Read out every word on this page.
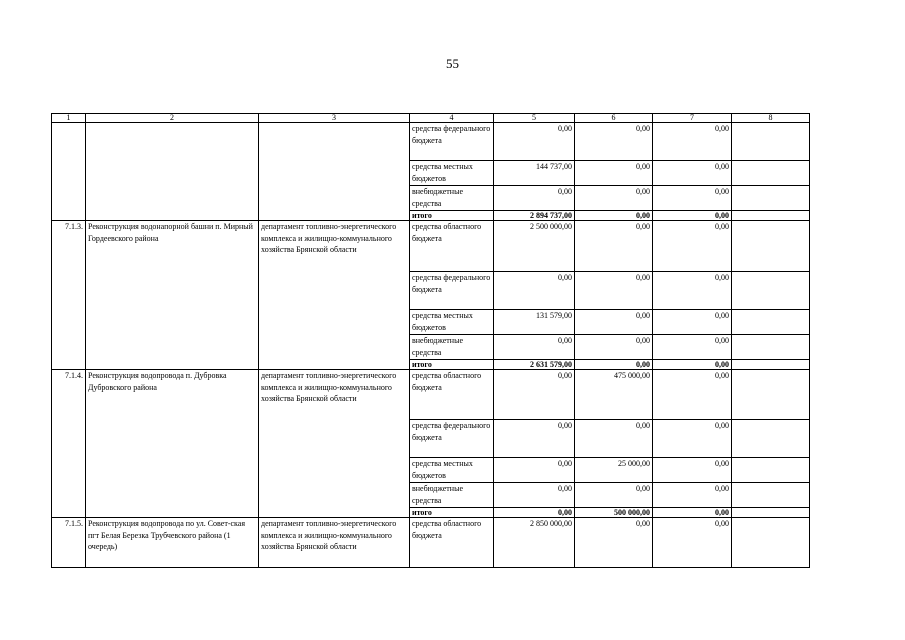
55
1	2	3	4	5	6	7	8
			средства федерального бюджета	0,00	0,00	0,00	
			средства местных бюджетов	144 737,00	0,00	0,00	
			внебюджетные средства	0,00	0,00	0,00	
			итого	2 894 737,00	0,00	0,00	
7.1.3.	Реконструкция водонапорной башни п. Мирный Гордеевского района	департамент топливно-энергетического комплекса и жилищно-коммунального хозяйства Брянской области	средства областного бюджета	2 500 000,00	0,00	0,00	
			средства федерального бюджета	0,00	0,00	0,00	
			средства местных бюджетов	131 579,00	0,00	0,00	
			внебюджетные средства	0,00	0,00	0,00	
			итого	2 631 579,00	0,00	0,00	
7.1.4.	Реконструкция водопровода п. Дубровка Дубровского района	департамент топливно-энергетического комплекса и жилищно-коммунального хозяйства Брянской области	средства областного бюджета	0,00	475 000,00	0,00	
			средства федерального бюджета	0,00	0,00	0,00	
			средства местных бюджетов	0,00	25 000,00	0,00	
			внебюджетные средства	0,00	0,00	0,00	
			итого	0,00	500 000,00	0,00	
7.1.5.	Реконструкция водопровода по ул. Совет-ская пгт Белая Березка Трубчевского района (1 очередь)	департамент топливно-энергетического комплекса и жилищно-коммунального хозяйства Брянской области	средства областного бюджета	2 850 000,00	0,00	0,00	
